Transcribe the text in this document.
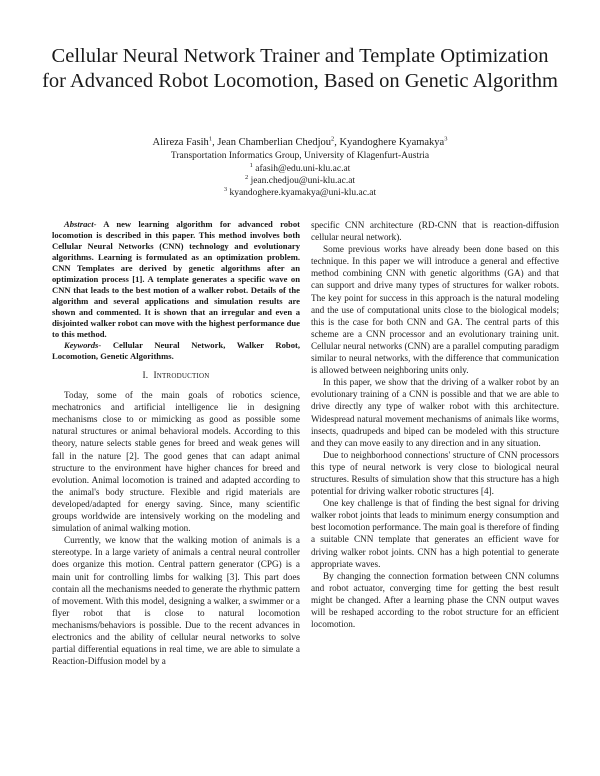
Cellular Neural Network Trainer and Template Optimization for Advanced Robot Locomotion, Based on Genetic Algorithm
Alireza Fasih$^1$, Jean Chamberlian Chedjou$^2$, Kyandoghere Kyamakya$^3$
Transportation Informatics Group, University of Klagenfurt-Austria
$^1$ afasih@edu.uni-klu.ac.at
$^2$ jean.chedjou@uni-klu.ac.at
$^3$ kyandoghere.kyamakya@uni-klu.ac.at

Abstract- A new learning algorithm for advanced robot locomotion is described in this paper. This method involves both Cellular Neural Networks (CNN) technology and evolutionary algorithms. Learning is formulated as an optimization problem. CNN Templates are derived by genetic algorithms after an optimization process [1]. A template generates a specific wave on CNN that leads to the best motion of a walker robot. Details of the algorithm and several applications and simulation results are shown and commented. It is shown that an irregular and even a disjointed walker robot can move with the highest performance due to this method.

Keywords- Cellular Neural Network, Walker Robot, Locomotion, Genetic Algorithms.

I. Introduction

Today, some of the main goals of robotics science, mechatronics and artificial intelligence lie in designing mechanisms close to or mimicking as good as possible some natural structures or animal behavioral models. According to this theory, nature selects stable genes for breed and weak genes will fall in the nature [2]. The good genes that can adapt animal structure to the environment have higher chances for breed and evolution. Animal locomotion is trained and adapted according to the animal's body structure. Flexible and rigid materials are developed/adapted for energy saving. Since, many scientific groups worldwide are intensively working on the modeling and simulation of animal walking motion.

Currently, we know that the walking motion of animals is a stereotype. In a large variety of animals a central neural controller does organize this motion. Central pattern generator (CPG) is a main unit for controlling limbs for walking [3]. This part does contain all the mechanisms needed to generate the rhythmic pattern of movement. With this model, designing a walker, a swimmer or a flyer robot that is close to natural locomotion mechanisms/behaviors is possible. Due to the recent advances in electronics and the ability of cellular neural networks to solve partial differential equations in real time, we are able to simulate a Reaction-Diffusion model by a

specific CNN architecture (RD-CNN that is reaction-diffusion cellular neural network).

Some previous works have already been done based on this technique. In this paper we will introduce a general and effective method combining CNN with genetic algorithms (GA) and that can support and drive many types of structures for walker robots. The key point for success in this approach is the natural modeling and the use of computational units close to the biological models; this is the case for both CNN and GA. The central parts of this scheme are a CNN processor and an evolutionary training unit. Cellular neural networks (CNN) are a parallel computing paradigm similar to neural networks, with the difference that communication is allowed between neighboring units only.

In this paper, we show that the driving of a walker robot by an evolutionary training of a CNN is possible and that we are able to drive directly any type of walker robot with this architecture. Widespread natural movement mechanisms of animals like worms, insects, quadrupeds and biped can be modeled with this structure and they can move easily to any direction and in any situation.

Due to neighborhood connections' structure of CNN processors this type of neural network is very close to biological neural structures. Results of simulation show that this structure has a high potential for driving walker robotic structures [4].

One key challenge is that of finding the best signal for driving walker robot joints that leads to minimum energy consumption and best locomotion performance. The main goal is therefore of finding a suitable CNN template that generates an efficient wave for driving walker robot joints. CNN has a high potential to generate appropriate waves.

By changing the connection formation between CNN columns and robot actuator, converging time for getting the best result might be changed. After a learning phase the CNN output waves will be reshaped according to the robot structure for an efficient locomotion.
